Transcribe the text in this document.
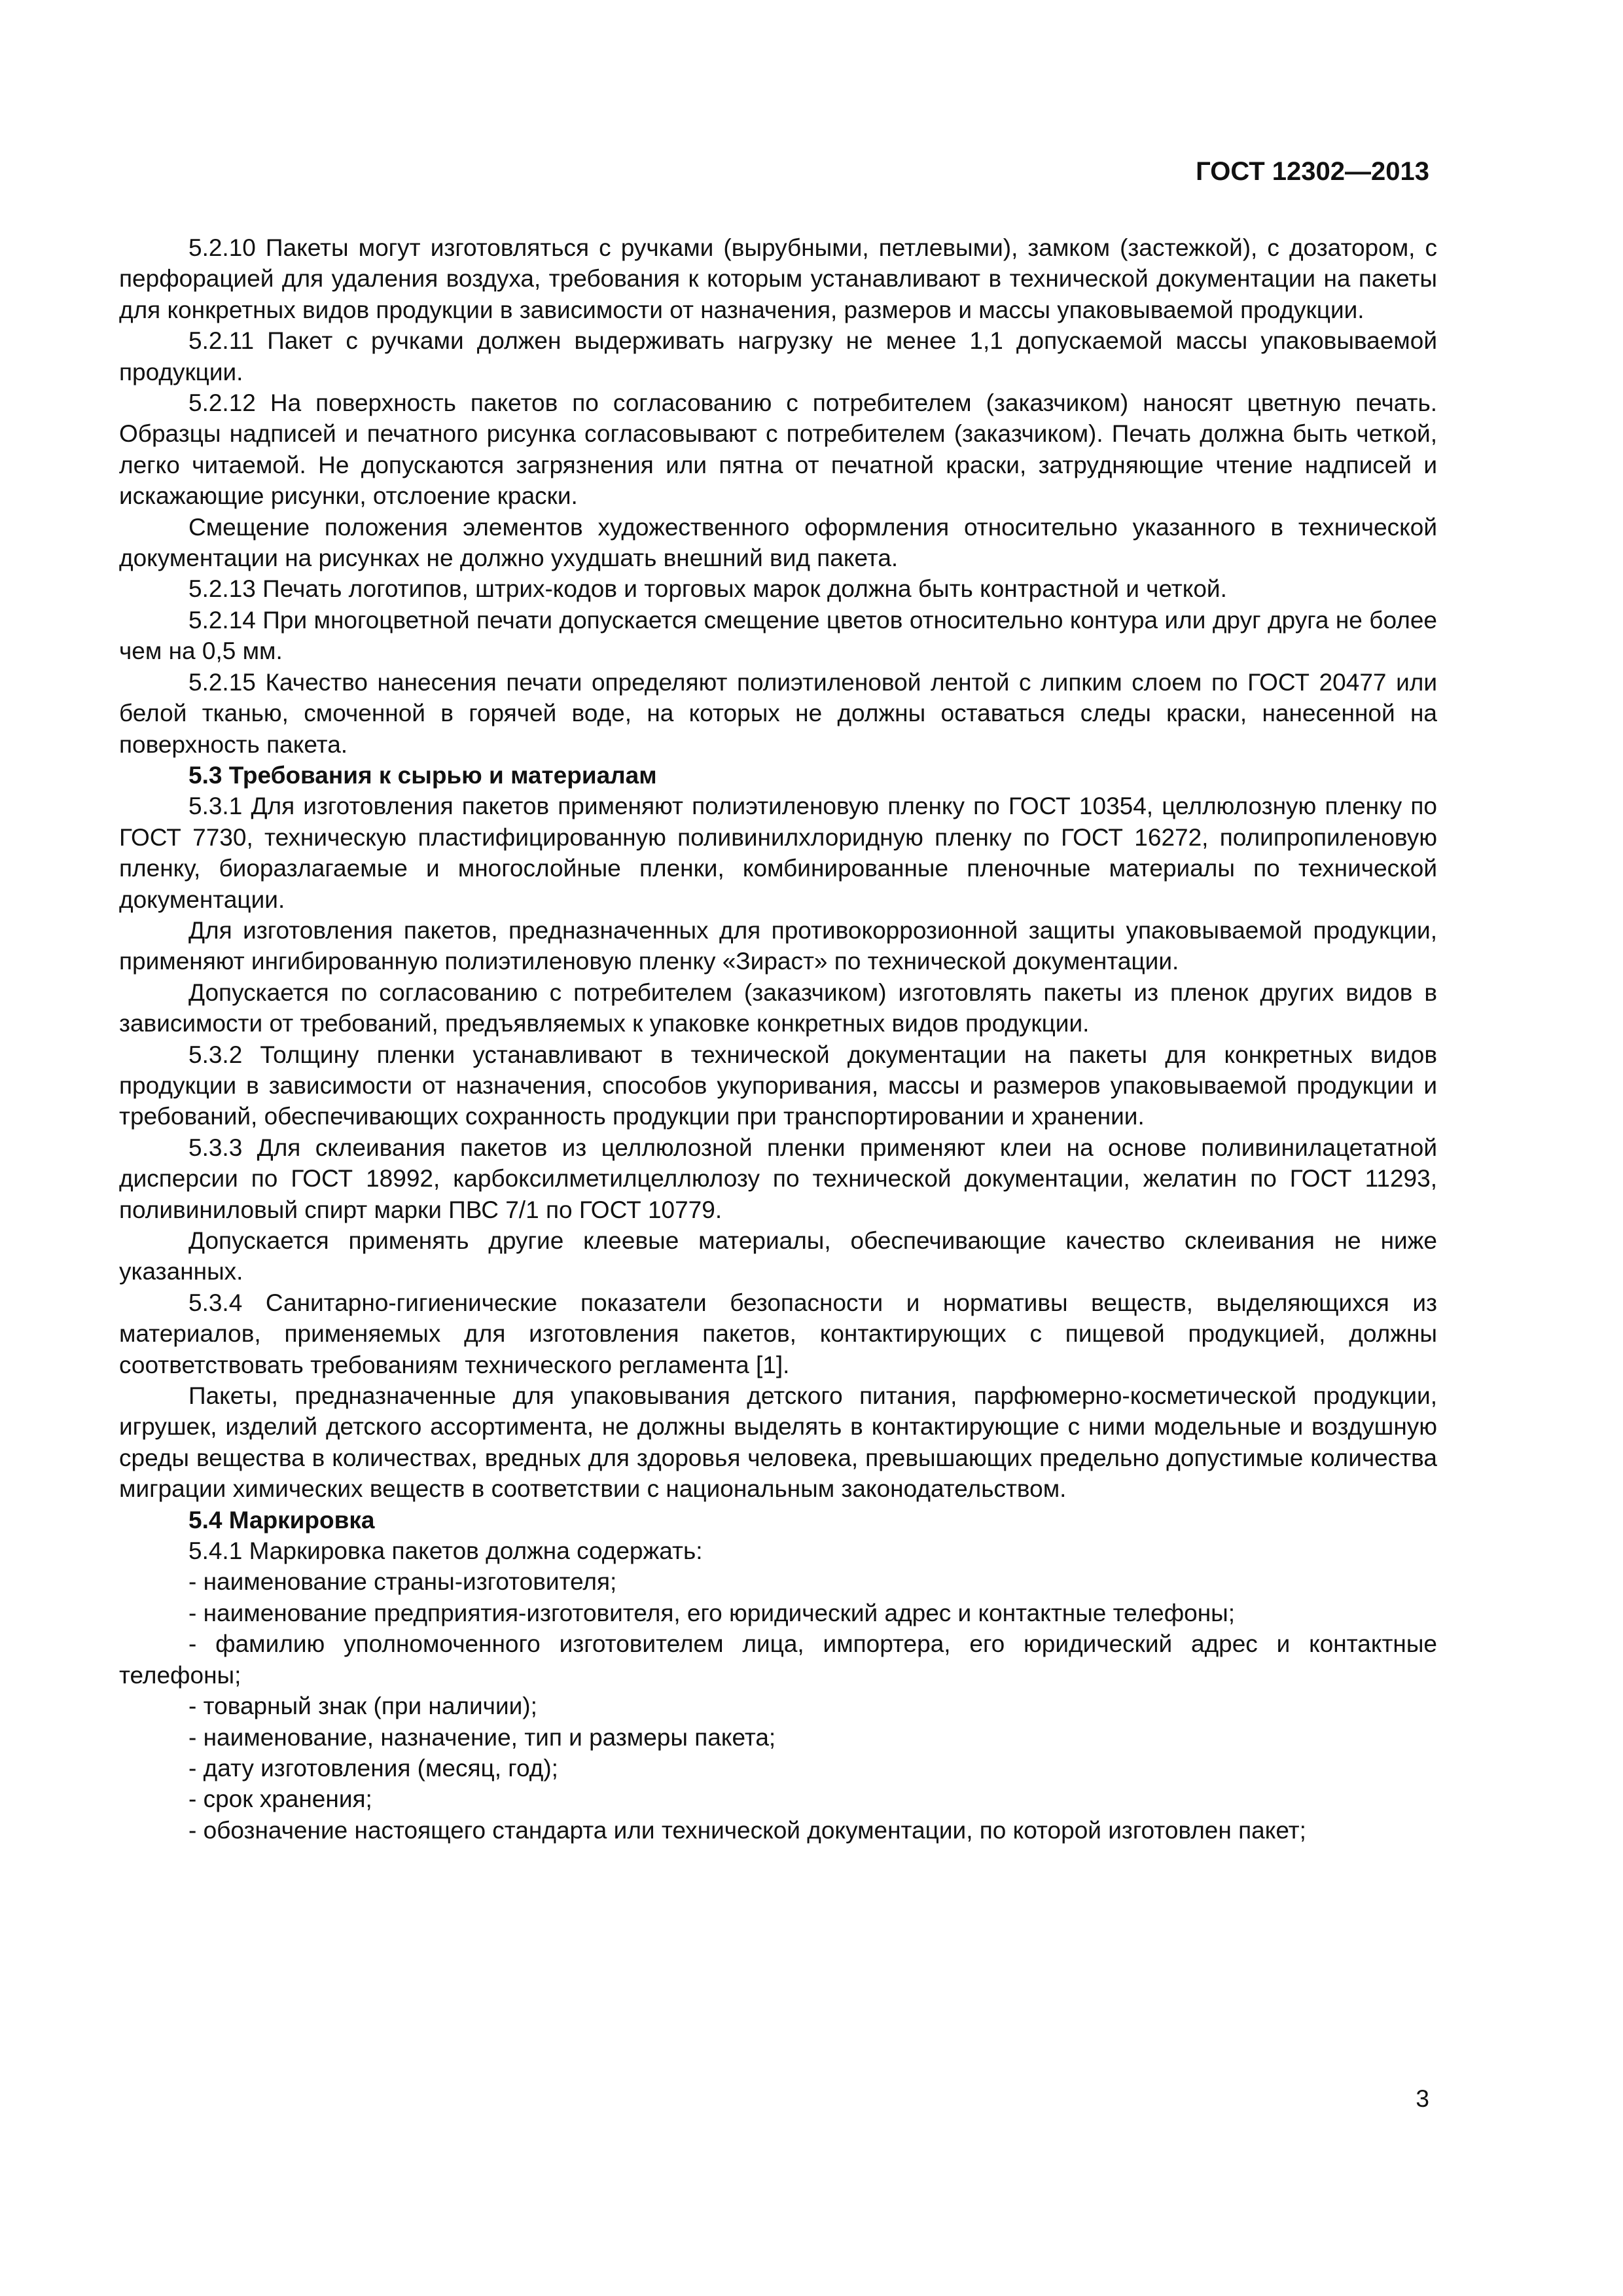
ГОСТ 12302—2013

5.2.10 Пакеты могут изготовляться с ручками (вырубными, петлевыми), замком (застежкой), с дозатором, с перфорацией для удаления воздуха, требования к которым устанавливают в технической документации на пакеты для конкретных видов продукции в зависимости от назначения, размеров и массы упаковываемой продукции.

5.2.11 Пакет с ручками должен выдерживать нагрузку не менее 1,1 допускаемой массы упаковываемой продукции.

5.2.12 На поверхность пакетов по согласованию с потребителем (заказчиком) наносят цветную печать. Образцы надписей и печатного рисунка согласовывают с потребителем (заказчиком). Печать должна быть четкой, легко читаемой. Не допускаются загрязнения или пятна от печатной краски, затрудняющие чтение надписей и искажающие рисунки, отслоение краски.

Смещение положения элементов художественного оформления относительно указанного в технической документации на рисунках не должно ухудшать внешний вид пакета.

5.2.13 Печать логотипов, штрих-кодов и торговых марок должна быть контрастной и четкой.

5.2.14 При многоцветной печати допускается смещение цветов относительно контура или друг друга не более чем на 0,5 мм.

5.2.15 Качество нанесения печати определяют полиэтиленовой лентой с липким слоем по ГОСТ 20477 или белой тканью, смоченной в горячей воде, на которых не должны оставаться следы краски, нанесенной на поверхность пакета.

5.3 Требования к сырью и материалам

5.3.1 Для изготовления пакетов применяют полиэтиленовую пленку по ГОСТ 10354, целлюлозную пленку по ГОСТ 7730, техническую пластифицированную поливинилхлоридную пленку по ГОСТ 16272, полипропиленовую пленку, биоразлагаемые и многослойные пленки, комбинированные пленочные материалы по технической документации.

Для изготовления пакетов, предназначенных для противокоррозионной защиты упаковываемой продукции, применяют ингибированную полиэтиленовую пленку «Зираст» по технической документации.

Допускается по согласованию с потребителем (заказчиком) изготовлять пакеты из пленок других видов в зависимости от требований, предъявляемых к упаковке конкретных видов продукции.

5.3.2 Толщину пленки устанавливают в технической документации на пакеты для конкретных видов продукции в зависимости от назначения, способов укупоривания, массы и размеров упаковываемой продукции и требований, обеспечивающих сохранность продукции при транспортировании и хранении.

5.3.3 Для склеивания пакетов из целлюлозной пленки применяют клеи на основе поливинилацетатной дисперсии по ГОСТ 18992, карбоксилметилцеллюлозу по технической документации, желатин по ГОСТ 11293, поливиниловый спирт марки ПВС 7/1 по ГОСТ 10779.

Допускается применять другие клеевые материалы, обеспечивающие качество склеивания не ниже указанных.

5.3.4 Санитарно-гигиенические показатели безопасности и нормативы веществ, выделяющихся из материалов, применяемых для изготовления пакетов, контактирующих с пищевой продукцией, должны соответствовать требованиям технического регламента [1].

Пакеты, предназначенные для упаковывания детского питания, парфюмерно-косметической продукции, игрушек, изделий детского ассортимента, не должны выделять в контактирующие с ними модельные и воздушную среды вещества в количествах, вредных для здоровья человека, превышающих предельно допустимые количества миграции химических веществ в соответствии с национальным законодательством.

5.4 Маркировка

5.4.1 Маркировка пакетов должна содержать:

- наименование страны-изготовителя;

- наименование предприятия-изготовителя, его юридический адрес и контактные телефоны;

- фамилию уполномоченного изготовителем лица, импортера, его юридический адрес и контактные телефоны;

- товарный знак (при наличии);

- наименование, назначение, тип и размеры пакета;

- дату изготовления (месяц, год);

- срок хранения;

- обозначение настоящего стандарта или технической документации, по которой изготовлен пакет;

3
